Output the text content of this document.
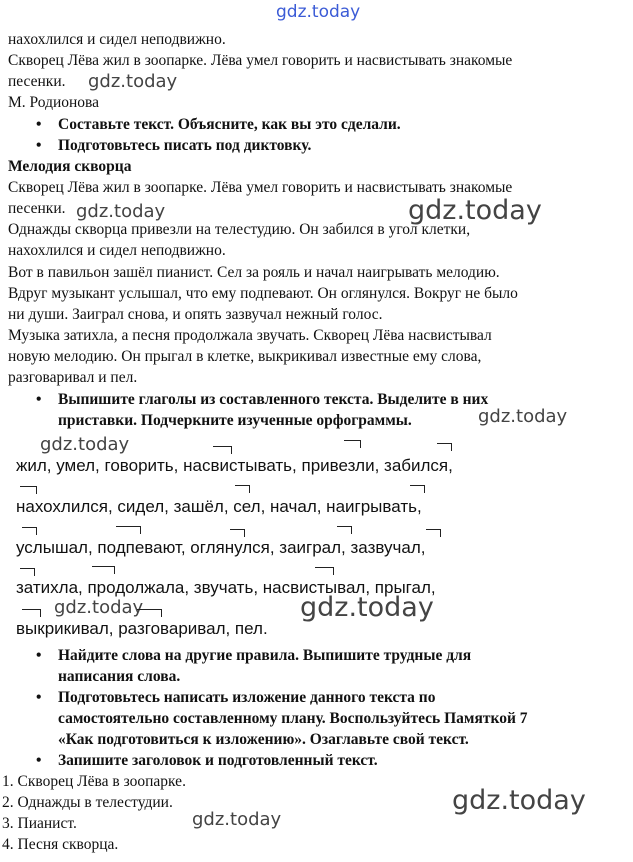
gdz.today
gdz.today
gdz.today	gdz.today
gdz.today
gdz.today
gdz.today	gdz.today
gdz.today
gdz.today
нахохлился и сидел неподвижно.
Скворец Лёва жил в зоопарке. Лёва умел говорить и насвистывать знакомые
песенки.
М. Родионова
• Составьте текст. Объясните, как вы это сделали.
• Подготовьтесь писать под диктовку.
Мелодия скворца
Скворец Лёва жил в зоопарке. Лёва умел говорить и насвистывать знакомые
песенки.
Однажды скворца привезли на телестудию. Он забился в угол клетки,
нахохлился и сидел неподвижно.
Вот в павильон зашёл пианист. Сел за рояль и начал наигрывать мелодию.
Вдруг музыкант услышал, что ему подпевают. Он оглянулся. Вокруг не было
ни души. Заиграл снова, и опять зазвучал нежный голос.
Музыка затихла, а песня продолжала звучать. Скворец Лёва насвистывал
новую мелодию. Он прыгал в клетке, выкрикивал известные ему слова,
разговаривал и пел.
• Выпишите глаголы из составленного текста. Выделите в них
приставки. Подчеркните изученные орфограммы.
жил, умел, говорить, насвистывать, привезли, забился,
нахохлился, сидел, зашёл, сел, начал, наигрывать,
услышал, подпевают, оглянулся, заиграл, зазвучал,
затихла, продолжала, звучать, насвистывал, прыгал,
выкрикивал, разговаривал, пел.
• Найдите слова на другие правила. Выпишите трудные для
написания слова.
• Подготовьтесь написать изложение данного текста по
самостоятельно составленному плану. Воспользуйтесь Памяткой 7
«Как подготовиться к изложению». Озаглавьте свой текст.
• Запишите заголовок и подготовленный текст.
1. Скворец Лёва в зоопарке.
2. Однажды в телестудии.
3. Пианист.
4. Песня скворца.
